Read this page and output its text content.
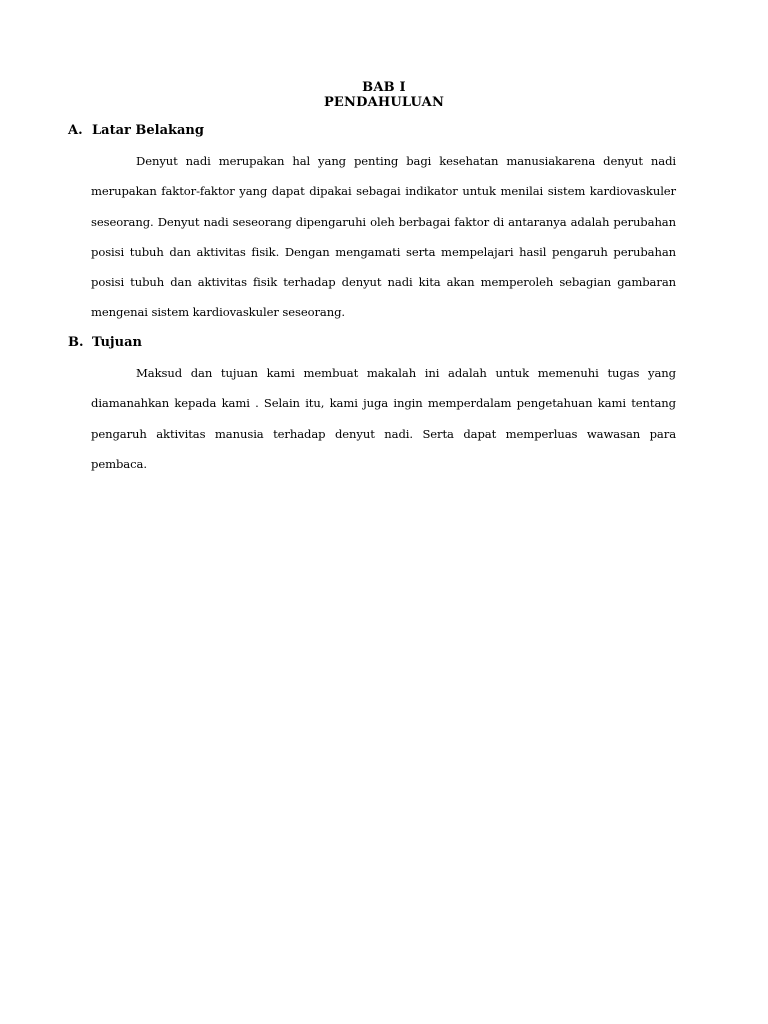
BAB I
PENDAHULUAN
A. Latar Belakang

Denyut nadi merupakan hal yang penting bagi kesehatan manusiakarena denyut nadi merupakan faktor-faktor yang dapat dipakai sebagai indikator untuk menilai sistem kardiovaskuler seseorang. Denyut nadi seseorang dipengaruhi oleh berbagai faktor di antaranya adalah perubahan posisi tubuh dan aktivitas fisik. Dengan mengamati serta mempelajari hasil pengaruh perubahan posisi tubuh dan aktivitas fisik terhadap denyut nadi kita akan memperoleh sebagian gambaran mengenai sistem kardiovaskuler seseorang.

B. Tujuan

Maksud dan tujuan kami membuat makalah ini adalah untuk memenuhi tugas yang diamanahkan kepada kami . Selain itu, kami juga ingin memperdalam pengetahuan kami tentang pengaruh aktivitas manusia terhadap denyut nadi. Serta dapat memperluas wawasan para pembaca.
